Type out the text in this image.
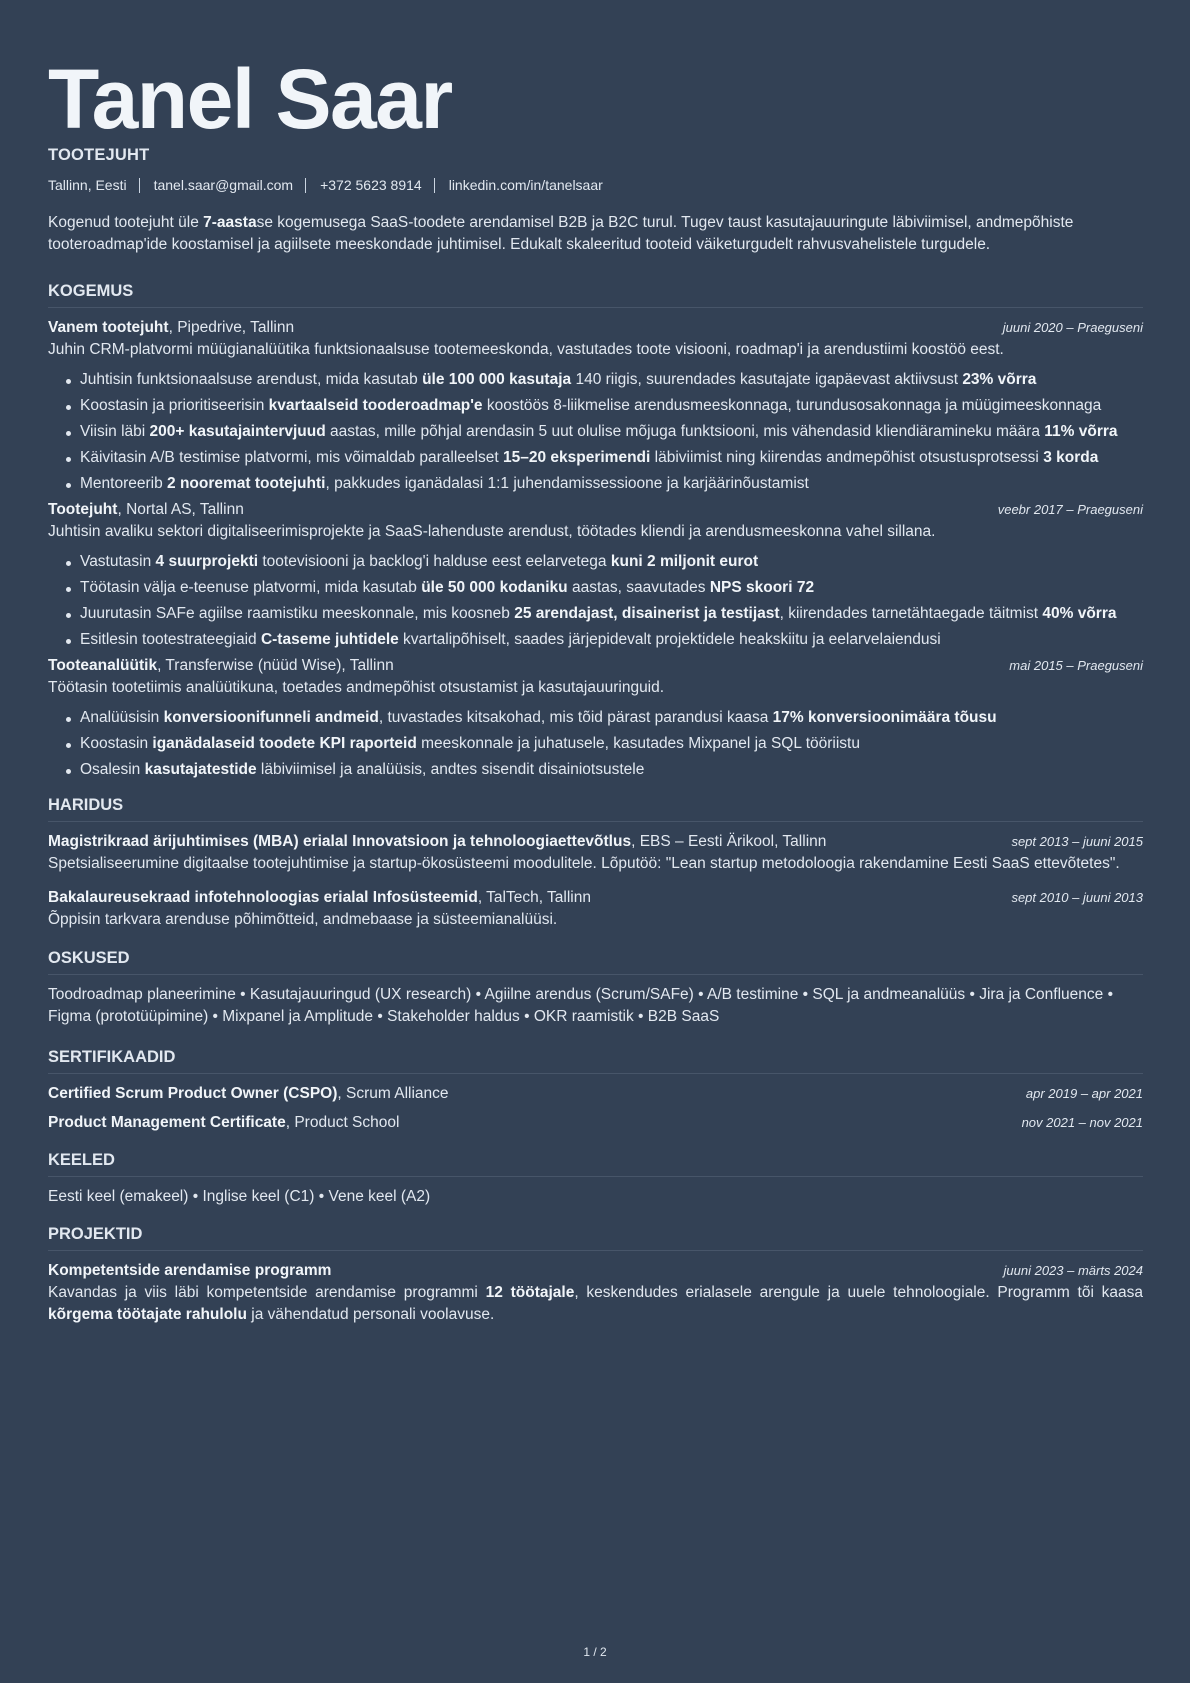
Tanel Saar
TOOTEJUHT
Tallinn, Eesti tanel.saar@gmail.com +372 5623 8914 linkedin.com/in/tanelsaar

Kogenud tootejuht üle 7-aastase kogemusega SaaS-toodete arendamisel B2B ja B2C turul. Tugev taust kasutajauuringute läbiviimisel, andmepõhiste tooteroadmap'ide koostamisel ja agiilsete meeskondade juhtimisel. Edukalt skaleeritud tooteid väiketurgudelt rahvusvahelistele turgudele.

KOGEMUS
Vanem tootejuht, Pipedrive, Tallinn	juuni 2020 – Praeguseni
Juhin CRM-platvormi müügianalüütika funktsionaalsuse tootemeeskonda, vastutades toote visiooni, roadmap'i ja arendustiimi koostöö eest.
Juhtisin funktsionaalsuse arendust, mida kasutab üle 100 000 kasutaja 140 riigis, suurendades kasutajate igapäevast aktiivsust 23% võrra
Koostasin ja prioritiseerisin kvartaalseid tooderoadmap'e koostöös 8-liikmelise arendusmeeskonnaga, turundusosakonnaga ja müügimeeskonnaga
Viisin läbi 200+ kasutajaintervjuud aastas, mille põhjal arendasin 5 uut olulise mõjuga funktsiooni, mis vähendasid kliendiäramineku määra 11% võrra
Käivitasin A/B testimise platvormi, mis võimaldab paralleelset 15–20 eksperimendi läbiviimist ning kiirendas andmepõhist otsustusprotsessi 3 korda
Mentoreerib 2 nooremat tootejuhti, pakkudes iganädalasi 1:1 juhendamissessioone ja karjäärinõustamist
Tootejuht, Nortal AS, Tallinn	veebr 2017 – Praeguseni
Juhtisin avaliku sektori digitaliseerimisprojekte ja SaaS-lahenduste arendust, töötades kliendi ja arendusmeeskonna vahel sillana.
Vastutasin 4 suurprojekti tootevisiooni ja backlog'i halduse eest eelarvetega kuni 2 miljonit eurot
Töötasin välja e-teenuse platvormi, mida kasutab üle 50 000 kodaniku aastas, saavutades NPS skoori 72
Juurutasin SAFe agiilse raamistiku meeskonnale, mis koosneb 25 arendajast, disainerist ja testijast, kiirendades tarnetähtaegade täitmist 40% võrra
Esitlesin tootestrateegiaid C-taseme juhtidele kvartalipõhiselt, saades järjepidevalt projektidele heakskiitu ja eelarvelaiendusi
Tooteanalüütik, Transferwise (nüüd Wise), Tallinn	mai 2015 – Praeguseni
Töötasin tootetiimis analüütikuna, toetades andmepõhist otsustamist ja kasutajauuringuid.
Analüüsisin konversioonifunneli andmeid, tuvastades kitsakohad, mis tõid pärast parandusi kaasa 17% konversioonimäära tõusu
Koostasin iganädalaseid toodete KPI raporteid meeskonnale ja juhatusele, kasutades Mixpanel ja SQL tööriistu
Osalesin kasutajatestide läbiviimisel ja analüüsis, andtes sisendit disainiotsustele
HARIDUS
Magistrikraad ärijuhtimises (MBA) erialal Innovatsioon ja tehnoloogiaettevõtlus, EBS – Eesti Ärikool, Tallinn	sept 2013 – juuni 2015
Spetsialiseerumine digitaalse tootejuhtimise ja startup-ökosüsteemi moodulitele. Lõputöö: "Lean startup metodoloogia rakendamine Eesti SaaS ettevõtetes".
Bakalaureusekraad infotehnoloogias erialal Infosüsteemid, TalTech, Tallinn	sept 2010 – juuni 2013
Õppisin tarkvara arenduse põhimõtteid, andmebaase ja süsteemianalüüsi.
OSKUSED
Toodroadmap planeerimine • Kasutajauuringud (UX research) • Agiilne arendus (Scrum/SAFe) • A/B testimine • SQL ja andmeanalüüs • Jira ja Confluence • Figma (prototüüpimine) • Mixpanel ja Amplitude • Stakeholder haldus • OKR raamistik • B2B SaaS
SERTIFIKAADID
Certified Scrum Product Owner (CSPO), Scrum Alliance	apr 2019 – apr 2021
Product Management Certificate, Product School	nov 2021 – nov 2021
KEELED
Eesti keel (emakeel) • Inglise keel (C1) • Vene keel (A2)
PROJEKTID
Kompetentside arendamise programm	juuni 2023 – märts 2024
Kavandas ja viis läbi kompetentside arendamise programmi 12 töötajale, keskendudes erialasele arengule ja uuele tehnoloogiale. Programm tõi kaasa kõrgema töötajate rahulolu ja vähendatud personali voolavuse.
1 / 2
